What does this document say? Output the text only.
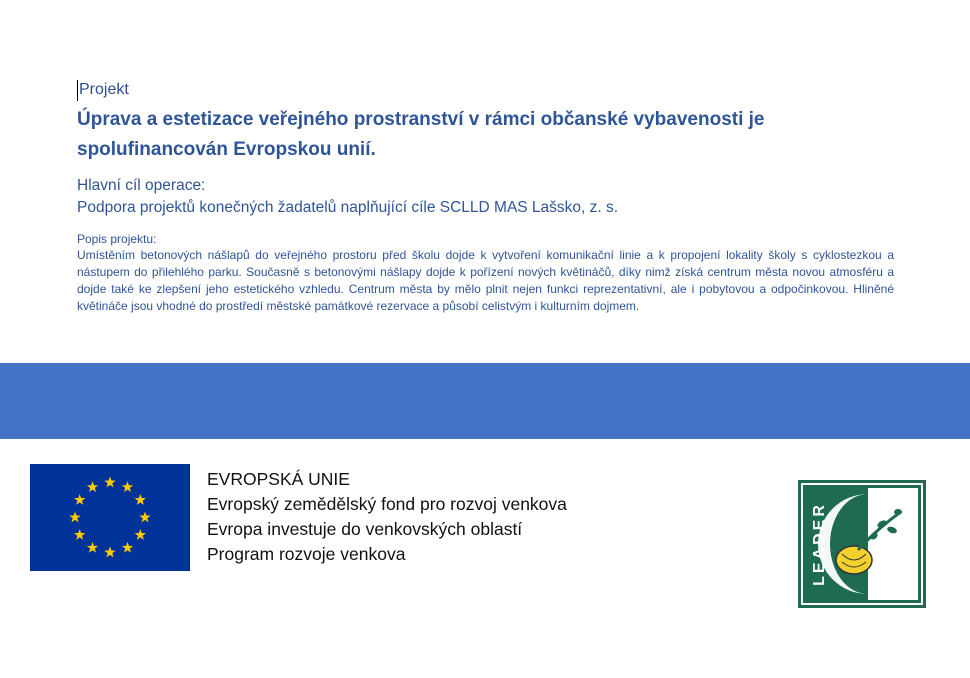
Projekt
Úprava a estetizace veřejného prostranství v rámci občanské vybavenosti je spolufinancován Evropskou unií.
Hlavní cíl operace:
Podpora projektů konečných žadatelů naplňující cíle SCLLD MAS Lašsko, z. s.
Popis projektu:

Umístěním betonových nášlapů do veřejného prostoru před školu dojde k vytvoření komunikační linie a k propojení lokality školy s cyklostezkou a nástupem do přilehlého parku. Současně s betonovými nášlapy dojde k pořízení nových květináčů, díky nimž získá centrum města novou atmosféru a dojde také ke zlepšení jeho estetického vzhledu. Centrum města by mělo plnit nejen funkci reprezentativní, ale i pobytovou a odpočinkovou. Hliněné květináče jsou vhodné do prostředí městské památkové rezervace a působí celistvým i kulturním dojmem.

EVROPSKÁ UNIE
Evropský zemědělský fond pro rozvoj venkova
Evropa investuje do venkovských oblastí
Program rozvoje venkova	LEADER
